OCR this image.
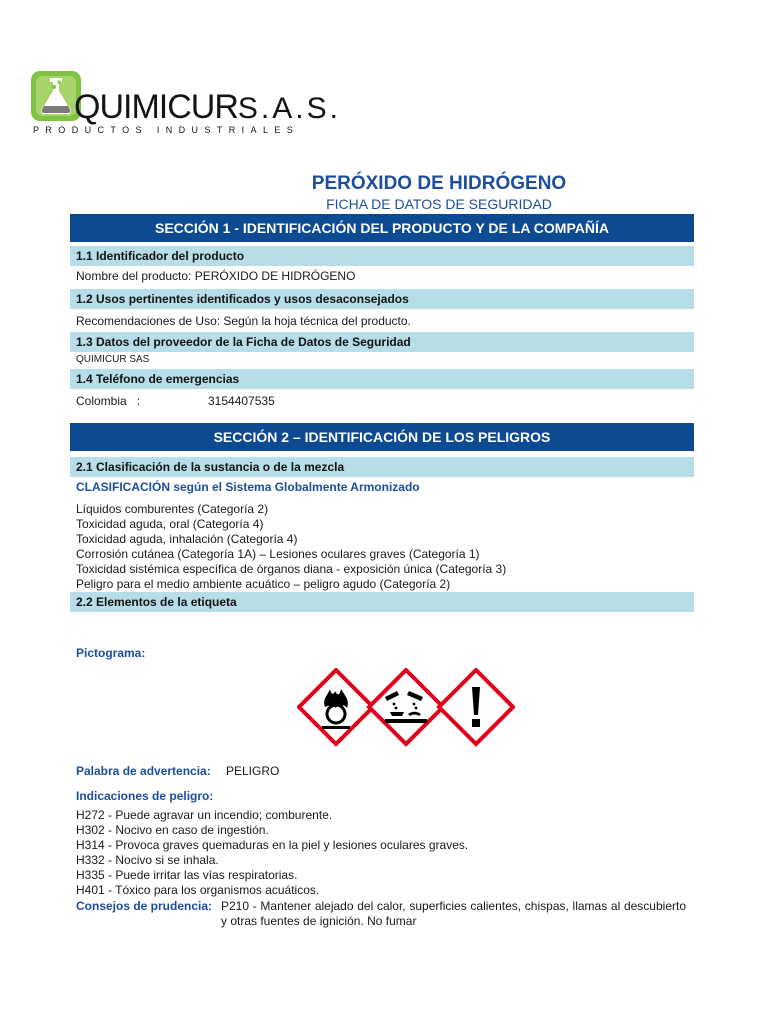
QUIMICURS.A.S.
PRODUCTOS INDUSTRIALES
PERÓXIDO DE HIDRÓGENO
FICHA DE DATOS DE SEGURIDAD
SECCIÓN 1 - IDENTIFICACIÓN DEL PRODUCTO Y DE LA COMPAÑÍA
1.1 Identificador del producto
Nombre del producto: PERÓXIDO DE HIDRÓGENO
1.2 Usos pertinentes identificados y usos desaconsejados
Recomendaciones de Uso: Según la hoja técnica del producto.
1.3 Datos del proveedor de la Ficha de Datos de Seguridad
QUIMICUR SAS
1.4 Teléfono de emergencias
Colombia   :	3154407535
SECCIÓN 2 – IDENTIFICACIÓN DE LOS PELIGROS
2.1 Clasificación de la sustancia o de la mezcla
CLASIFICACIÓN según el Sistema Globalmente Armonizado
Líquidos comburentes (Categoría 2)
Toxicidad aguda, oral (Categoría 4)
Toxicidad aguda, inhalación (Categoría 4)
Corrosión cutánea (Categoría 1A) – Lesiones oculares graves (Categoría 1)
Toxicidad sistémica específica de órganos diana - exposición única (Categoría 3)
Peligro para el medio ambiente acuático – peligro agudo (Categoría 2)
2.2 Elementos de la etiqueta
Pictograma:
Palabra de advertencia: PELIGRO
Indicaciones de peligro:
H272 - Puede agravar un incendio; comburente.
H302 - Nocivo en caso de ingestión.
H314 - Provoca graves quemaduras en la piel y lesiones oculares graves.
H332 - Nocivo si se inhala.
H335 - Puede irritar las vías respiratorias.
H401 - Tóxico para los organismos acuáticos.
Consejos de prudencia: P210 - Mantener alejado del calor, superficies calientes, chispas, llamas al descubierto y otras fuentes de ignición. No fumar
